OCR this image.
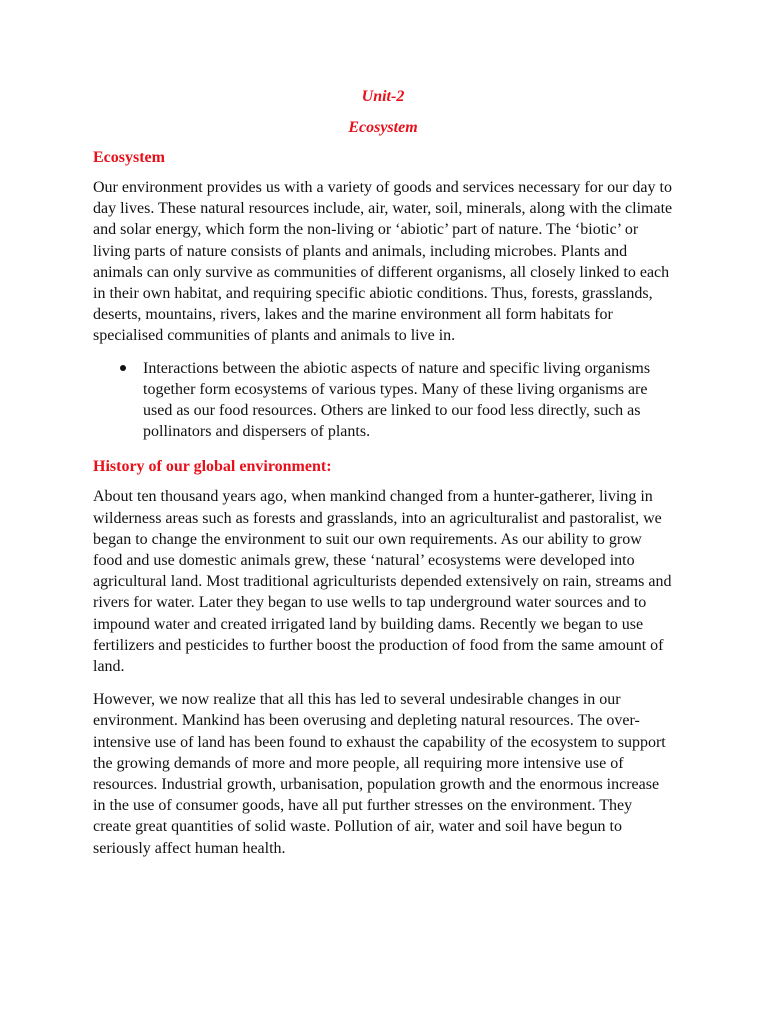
Unit-2

Ecosystem

Ecosystem

Our environment provides us with a variety of goods and services necessary for our day to day lives. These natural resources include, air, water, soil, minerals, along with the climate and solar energy, which form the non-living or ‘abiotic’ part of nature. The ‘biotic’ or living parts of nature consists of plants and animals, including microbes. Plants and animals can only survive as communities of different organisms, all closely linked to each in their own habitat, and requiring specific abiotic conditions. Thus, forests, grasslands, deserts, mountains, rivers, lakes and the marine environment all form habitats for specialised communities of plants and animals to live in.

Interactions between the abiotic aspects of nature and specific living organisms together form ecosystems of various types. Many of these living organisms are used as our food resources. Others are linked to our food less directly, such as pollinators and dispersers of plants.

History of our global environment:

About ten thousand years ago, when mankind changed from a hunter-gatherer, living in wilderness areas such as forests and grasslands, into an agriculturalist and pastoralist, we began to change the environment to suit our own requirements. As our ability to grow food and use domestic animals grew, these ‘natural’ ecosystems were developed into agricultural land. Most traditional agriculturists depended extensively on rain, streams and rivers for water. Later they began to use wells to tap underground water sources and to impound water and created irrigated land by building dams. Recently we began to use fertilizers and pesticides to further boost the production of food from the same amount of land.

However, we now realize that all this has led to several undesirable changes in our environment. Mankind has been overusing and depleting natural resources. The over-intensive use of land has been found to exhaust the capability of the ecosystem to support the growing demands of more and more people, all requiring more intensive use of resources. Industrial growth, urbanisation, population growth and the enormous increase in the use of consumer goods, have all put further stresses on the environment. They create great quantities of solid waste. Pollution of air, water and soil have begun to seriously affect human health.
